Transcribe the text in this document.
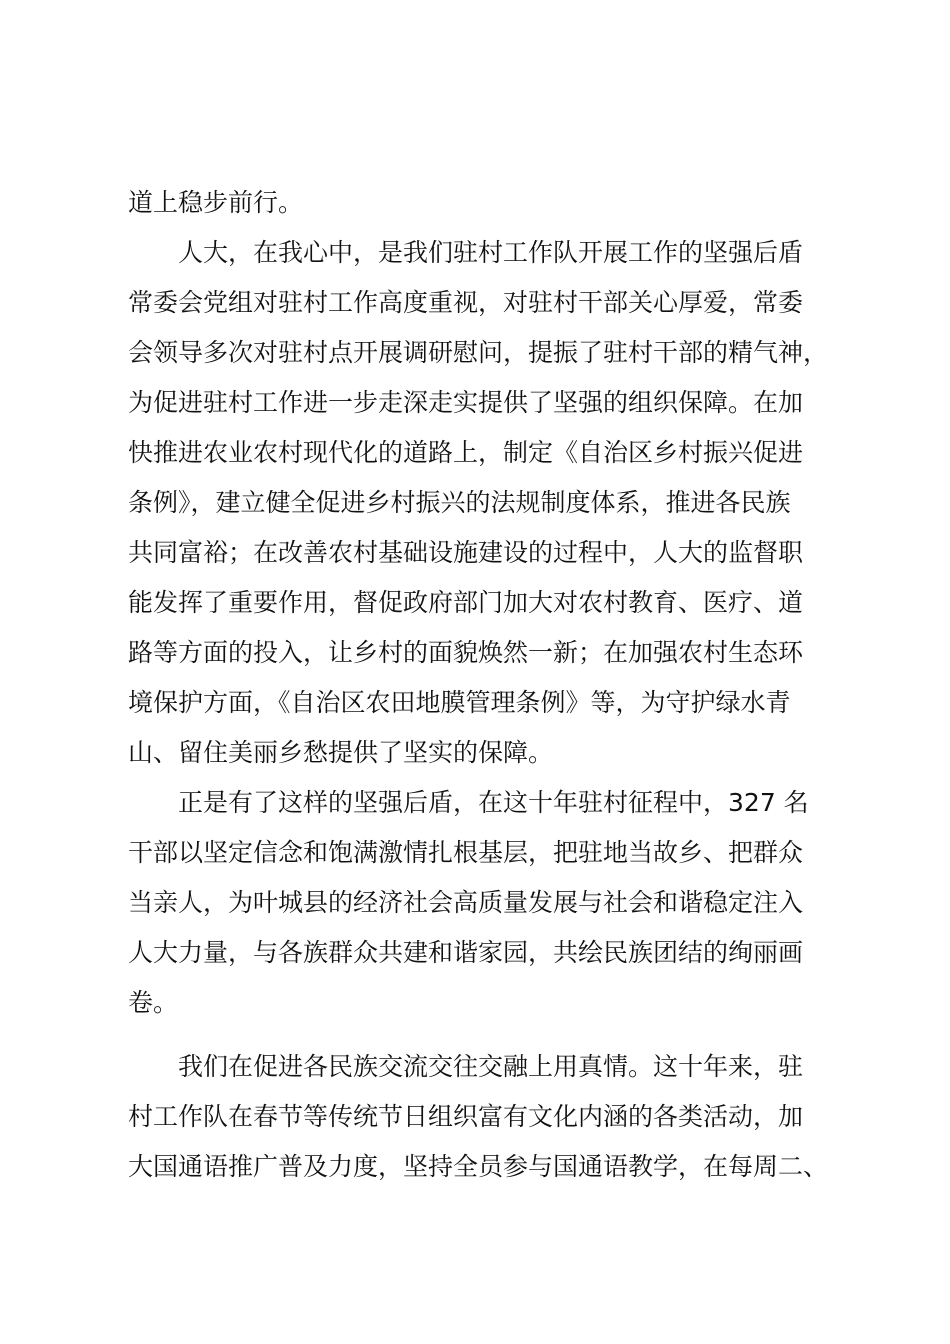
道上稳步前行。
人大，在我心中，是我们驻村工作队开展工作的坚强后盾
常委会党组对驻村工作高度重视，对驻村干部关心厚爱，常委
会领导多次对驻村点开展调研慰问，提振了驻村干部的精气神，
为促进驻村工作进一步走深走实提供了坚强的组织保障。在加
快推进农业农村现代化的道路上，制定《自治区乡村振兴促进
条例》，建立健全促进乡村振兴的法规制度体系，推进各民族
共同富裕；在改善农村基础设施建设的过程中，人大的监督职
能发挥了重要作用，督促政府部门加大对农村教育、医疗、道
路等方面的投入，让乡村的面貌焕然一新；在加强农村生态环
境保护方面，《自治区农田地膜管理条例》等，为守护绿水青
山、留住美丽乡愁提供了坚实的保障。
正是有了这样的坚强后盾，在这十年驻村征程中，327 名
干部以坚定信念和饱满激情扎根基层，把驻地当故乡、把群众
当亲人，为叶城县的经济社会高质量发展与社会和谐稳定注入
人大力量，与各族群众共建和谐家园，共绘民族团结的绚丽画
卷。
我们在促进各民族交流交往交融上用真情。这十年来，驻
村工作队在春节等传统节日组织富有文化内涵的各类活动，加
大国通语推广普及力度，坚持全员参与国通语教学，在每周二、
